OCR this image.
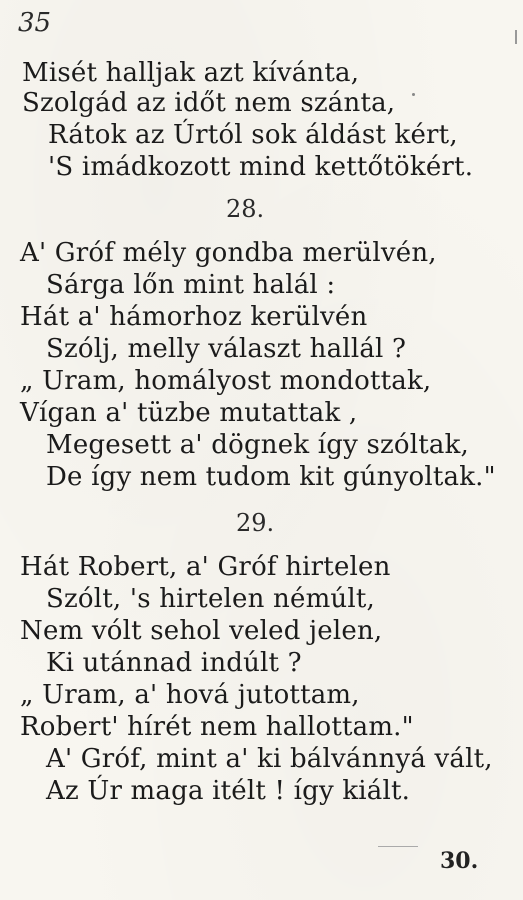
35
Misét halljak azt kívánta,
Szolgád az időt nem szánta,
Rátok az Úrtól sok áldást kért,
'S imádkozott mind kettőtökért.
28.
A' Gróf mély gondba merülvén,
Sárga lőn mint halál :
Hát a' hámorhoz kerülvén
Szólj, melly választ hallál ?
„ Uram, homályost mondottak,
Vígan a' tüzbe mutattak ,
Megesett a' dögnek így szóltak,
De így nem tudom kit gúnyoltak."
29.
Hát Robert, a' Gróf hirtelen
Szólt, 's hirtelen némúlt,
Nem vólt sehol veled jelen,
Ki utánnad indúlt ?
„ Uram, a' hová jutottam,
Robert' hírét nem hallottam."
A' Gróf, mint a' ki bálvánnyá vált,
Az Úr maga itélt ! így kiált.
30.
